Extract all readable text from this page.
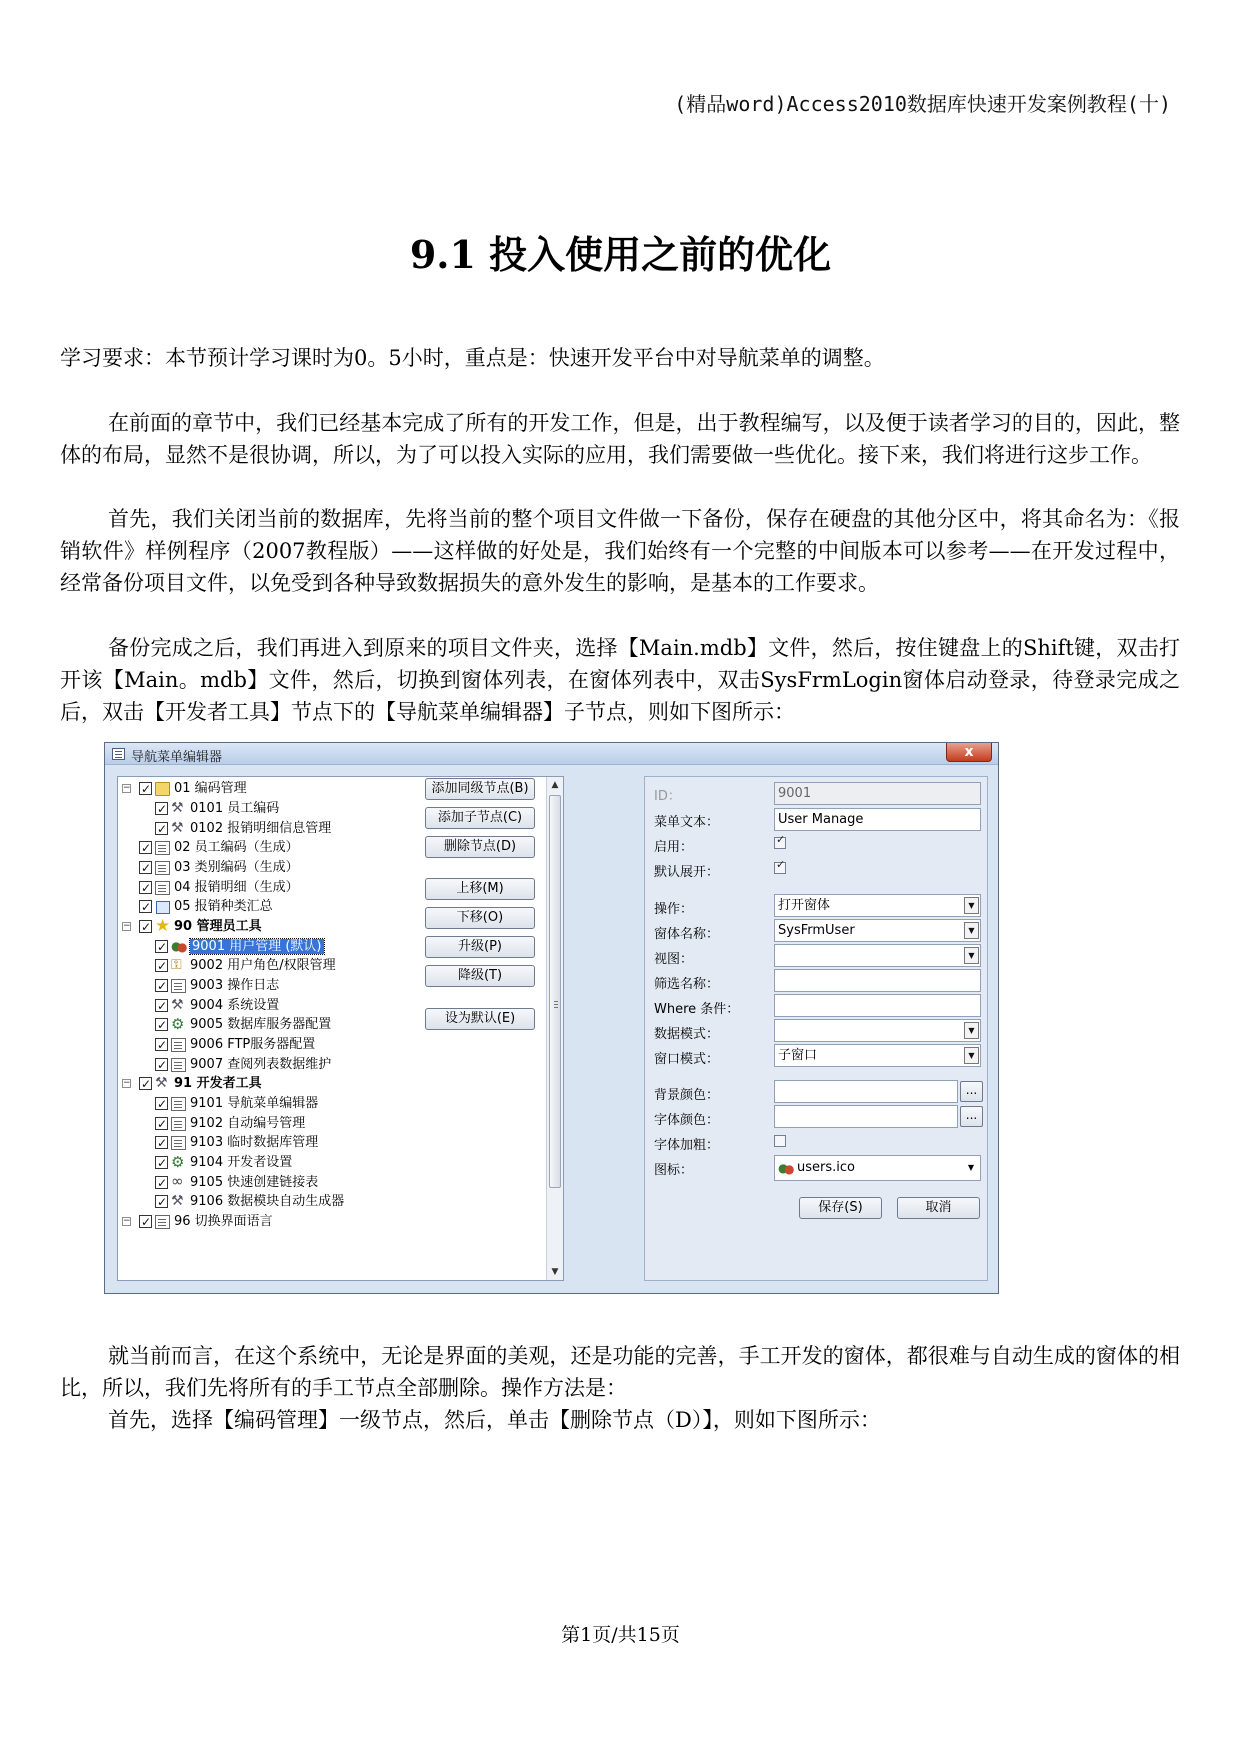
(精品word)Access2010数据库快速开发案例教程(十)
9.1 投入使用之前的优化
学习要求：本节预计学习课时为0。5小时，重点是：快速开发平台中对导航菜单的调整。
在前面的章节中，我们已经基本完成了所有的开发工作，但是，出于教程编写，以及便于读者学习的目的，因此，整体的布局，显然不是很协调，所以，为了可以投入实际的应用，我们需要做一些优化。接下来，我们将进行这步工作。
首先，我们关闭当前的数据库，先将当前的整个项目文件做一下备份，保存在硬盘的其他分区中，将其命名为：《报销软件》样例程序（2007教程版）——这样做的好处是，我们始终有一个完整的中间版本可以参考——在开发过程中，经常备份项目文件，以免受到各种导致数据损失的意外发生的影响，是基本的工作要求。
备份完成之后，我们再进入到原来的项目文件夹，选择【Main.mdb】文件，然后，按住键盘上的Shift键，双击打开该【Main。mdb】文件，然后，切换到窗体列表，在窗体列表中，双击SysFrmLogin窗体启动登录，待登录完成之后，双击【开发者工具】节点下的【导航菜单编辑器】子节点，则如下图所示：
导航菜单编辑器	x
▲
▼
− ✓	01 编码管理
✓⚒0101 员工编码
✓⚒0102 报销明细信息管理
✓02 员工编码（生成）
✓03 类别编码（生成）
✓04 报销明细（生成）
✓05 报销种类汇总
− ✓ ★	90 管理员工具
✓● ●9001 用户管理 (默认)
✓⚿9002 用户角色/权限管理
✓9003 操作日志
✓⚒9004 系统设置
✓⚙9005 数据库服务器配置
✓9006 FTP服务器配置
✓9007 查阅列表数据维护
− ✓ ⚒	91 开发者工具
✓9101 导航菜单编辑器
✓9102 自动编号管理
✓9103 临时数据库管理
✓⚙9104 开发者设置
✓∞9105 快速创建链接表
✓⚒9106 数据模块自动生成器
− ✓	96 切换界面语言
添加同级节点(B)
添加子节点(C)
删除节点(D)
上移(M)
下移(O)
升级(P)
降级(T)
设为默认(E)
ID：	9001
菜单文本：	User Manage
启用：
✓
默认展开：
✓
操作：	打开窗体	▼
窗体名称：	SysFrmUser	▼
视图：	▼
筛选名称：
Where 条件：
数据模式：	▼
窗口模式：	子窗口	▼
背景颜色：	...
字体颜色：	...
字体加粗：
图标： ● ●	users.ico	▼
保存(S)	取消
就当前而言，在这个系统中，无论是界面的美观，还是功能的完善，手工开发的窗体，都很难与自动生成的窗体的相比，所以，我们先将所有的手工节点全部删除。操作方法是：
首先，选择【编码管理】一级节点，然后，单击【删除节点（D）】，则如下图所示：
第1页/共15页
